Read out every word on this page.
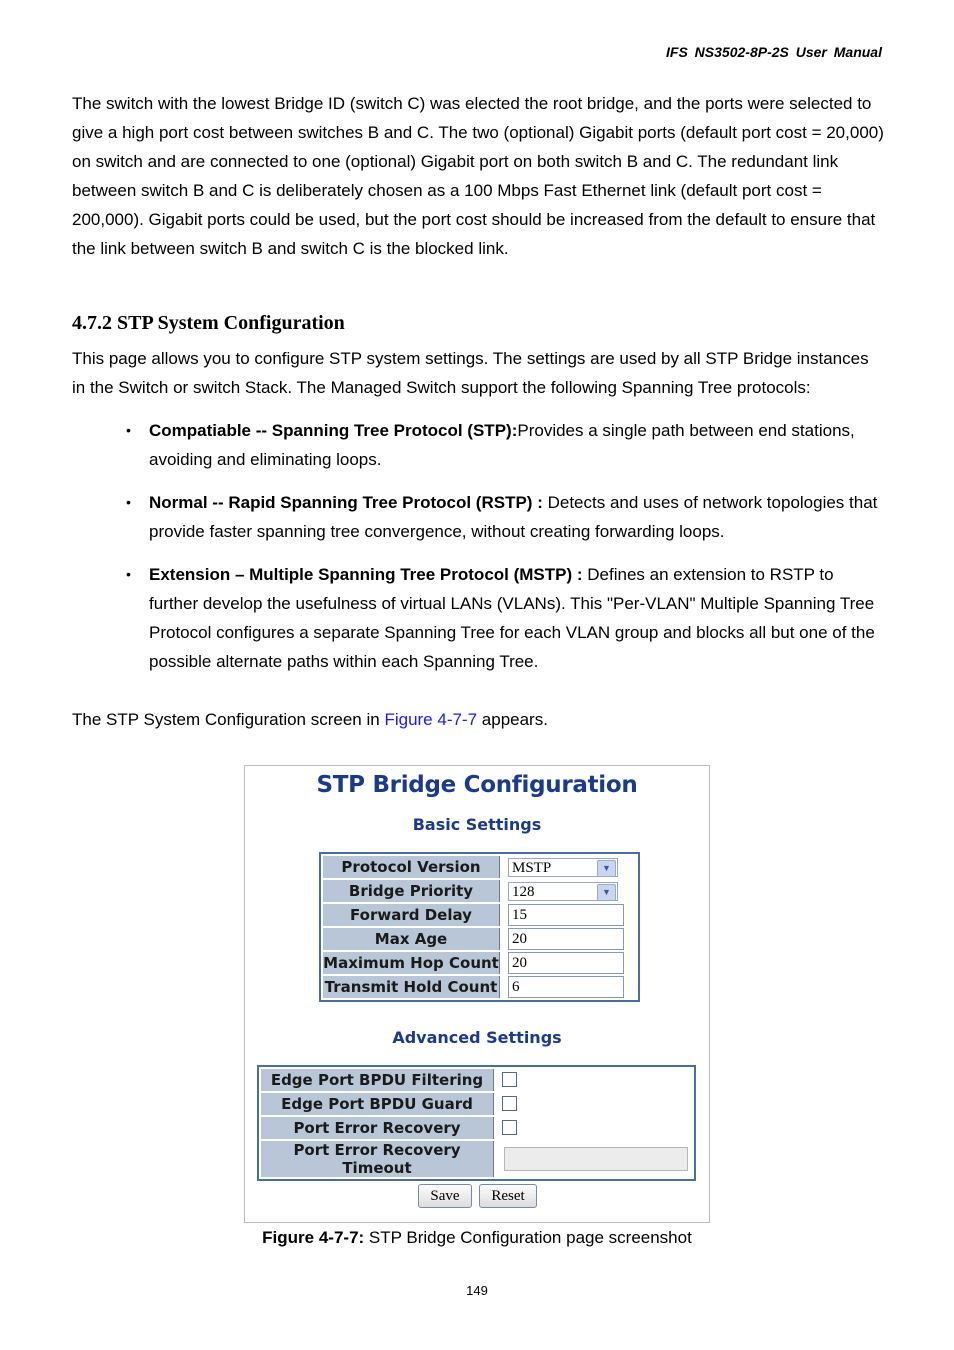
IFS NS3502-8P-2S User Manual
The switch with the lowest Bridge ID (switch C) was elected the root bridge, and the ports were selected to give a high port cost between switches B and C. The two (optional) Gigabit ports (default port cost = 20,000) on switch and are connected to one (optional) Gigabit port on both switch B and C. The redundant link between switch B and C is deliberately chosen as a 100 Mbps Fast Ethernet link (default port cost = 200,000). Gigabit ports could be used, but the port cost should be increased from the default to ensure that the link between switch B and switch C is the blocked link.
4.7.2 STP System Configuration
This page allows you to configure STP system settings. The settings are used by all STP Bridge instances in the Switch or switch Stack. The Managed Switch support the following Spanning Tree protocols:
• Compatiable -- Spanning Tree Protocol (STP):Provides a single path between end stations, avoiding and eliminating loops.
• Normal -- Rapid Spanning Tree Protocol (RSTP) : Detects and uses of network topologies that provide faster spanning tree convergence, without creating forwarding loops.
• Extension – Multiple Spanning Tree Protocol (MSTP) : Defines an extension to RSTP to further develop the usefulness of virtual LANs (VLANs). This "Per-VLAN" Multiple Spanning Tree Protocol configures a separate Spanning Tree for each VLAN group and blocks all but one of the possible alternate paths within each Spanning Tree.
The STP System Configuration screen in Figure 4-7-7 appears.
STP Bridge Configuration
Basic Settings
Protocol Version	MSTP ▼

Bridge Priority	128 ▼

Forward Delay	15

Max Age	20

Maximum Hop Count	20

Transmit Hold Count	6
Advanced Settings
Edge Port BPDU Filtering	
Edge Port BPDU Guard	
Port Error Recovery	
Port Error Recovery Timeout	
Save	Reset
Figure 4-7-7: STP Bridge Configuration page screenshot
149
